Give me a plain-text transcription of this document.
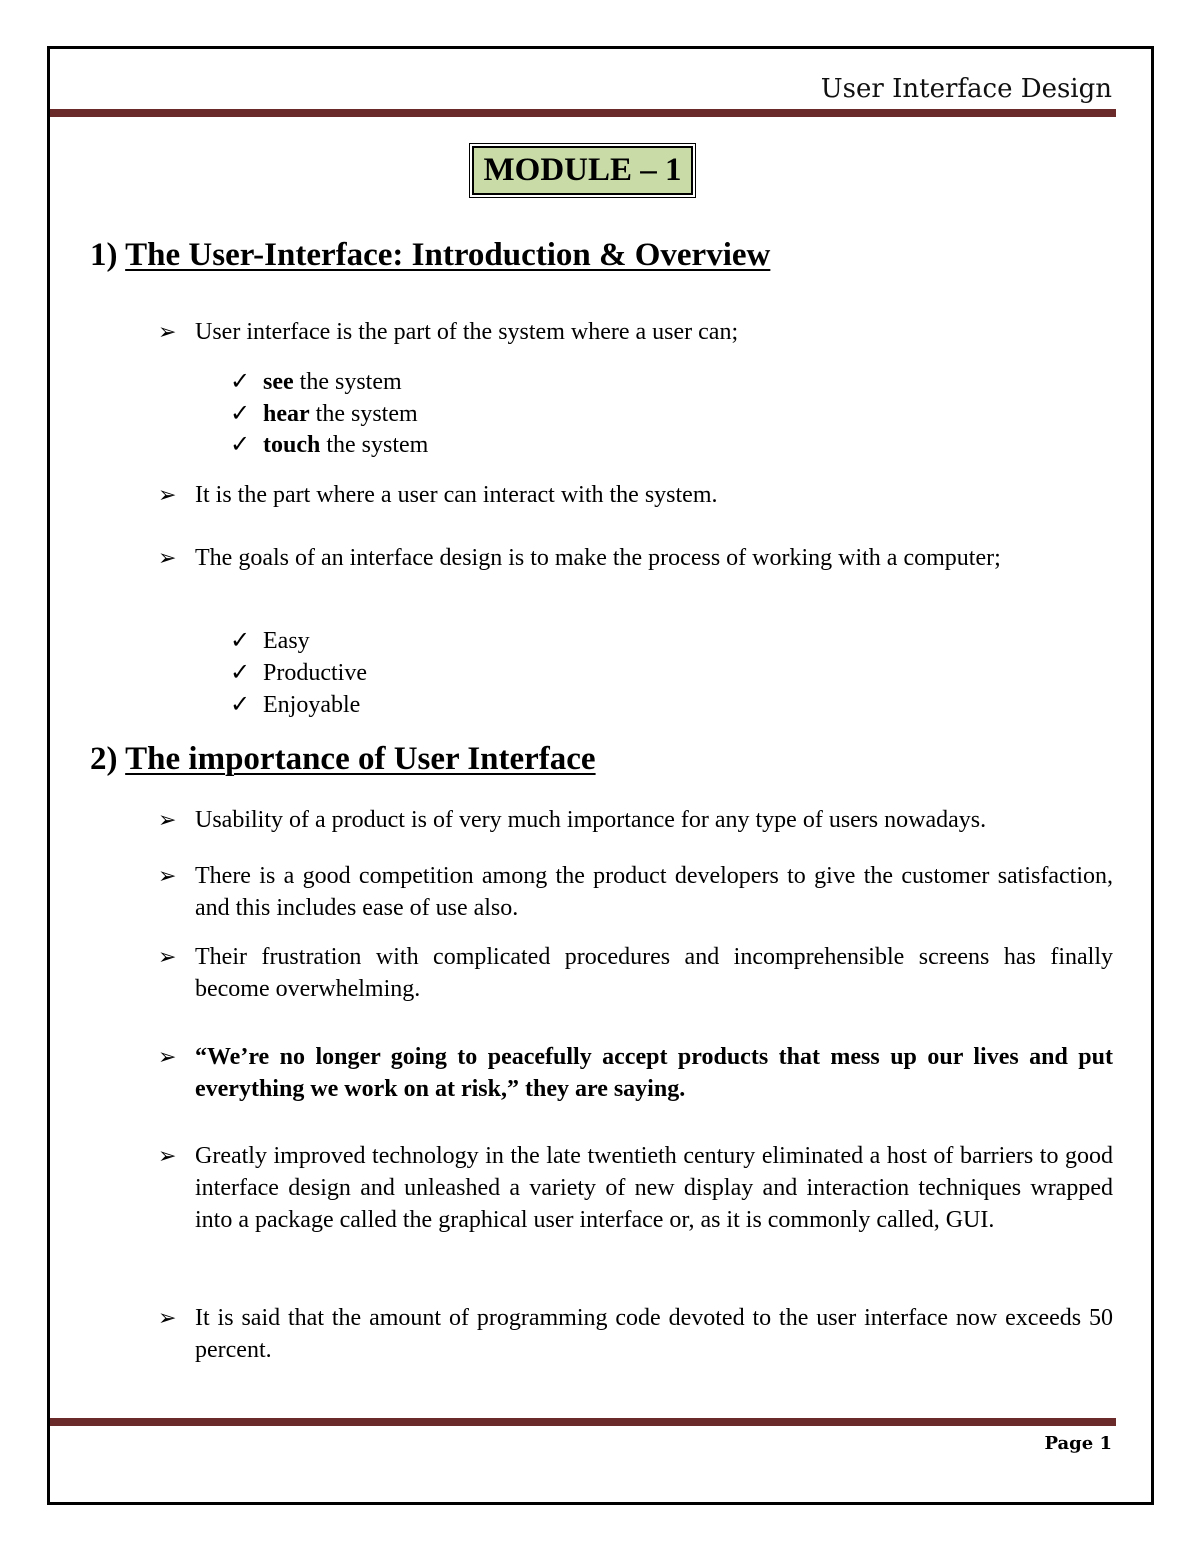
User Interface Design
MODULE – 1
1) The User-Interface: Introduction & Overview
➢ User interface is the part of the system where a user can;
✓ see the system
✓ hear the system
✓ touch the system
➢ It is the part where a user can interact with the system.
➢ The goals of an interface design is to make the process of working with a computer;
✓ Easy
✓ Productive
✓ Enjoyable
2) The importance of User Interface
➢ Usability of a product is of very much importance for any type of users nowadays.
➢ There is a good competition among the product developers to give the customer satisfaction, and this includes ease of use also.
➢ Their frustration with complicated procedures and incomprehensible screens has finally become overwhelming.
➢ “We’re no longer going to peacefully accept products that mess up our lives and put everything we work on at risk,” they are saying.
➢ Greatly improved technology in the late twentieth century eliminated a host of barriers to good interface design and unleashed a variety of new display and interaction techniques wrapped into a package called the graphical user interface or, as it is commonly called, GUI.
➢ It is said that the amount of programming code devoted to the user interface now exceeds 50 percent.
Page 1
